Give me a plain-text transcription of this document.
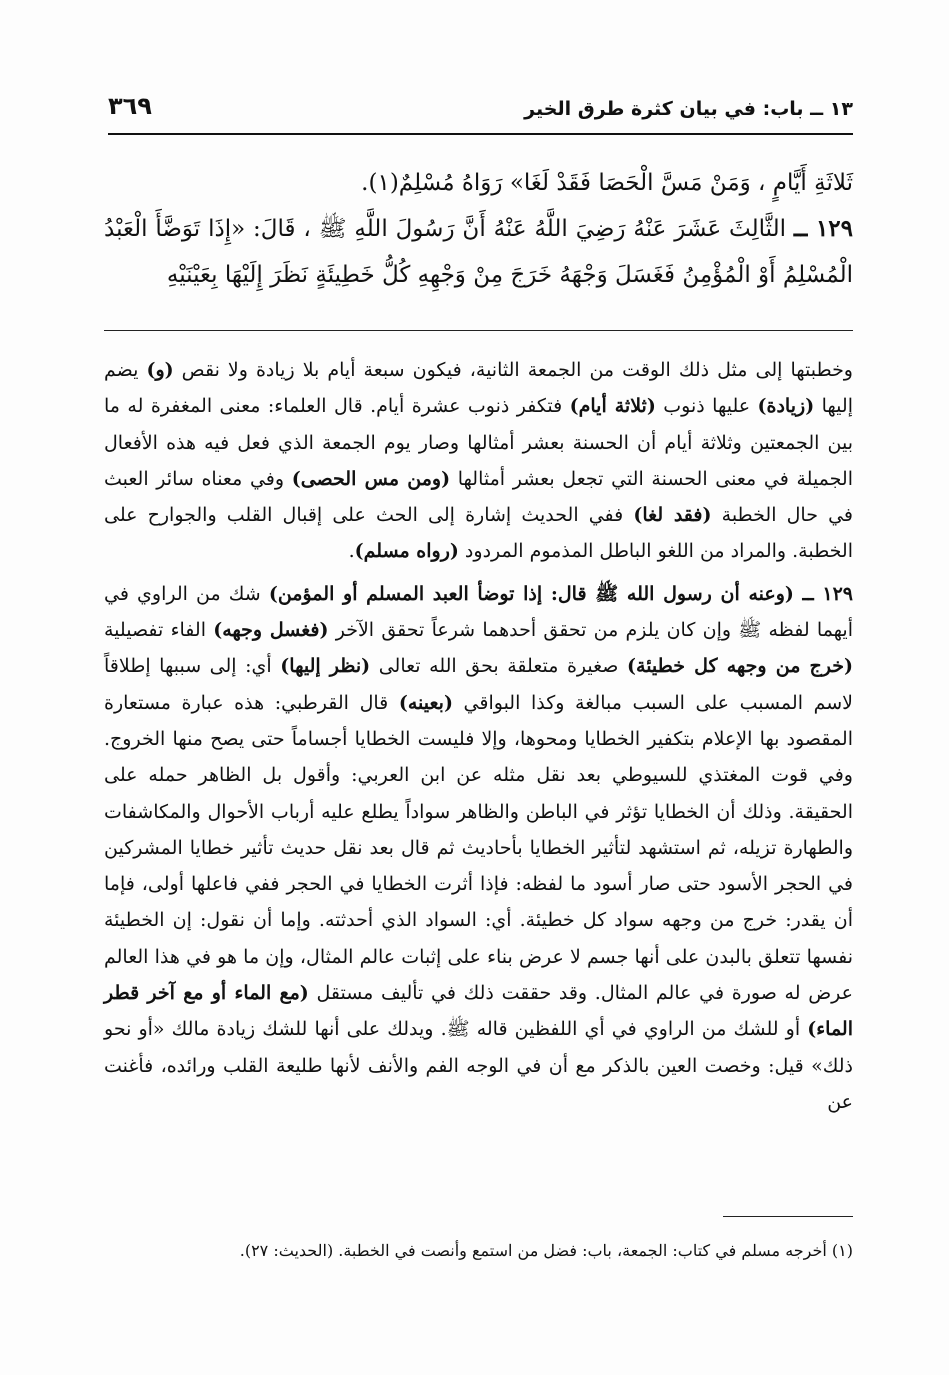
١٣ ــ باب: في بيان كثرة طرق الخير
٣٦٩

ثَلاثَةِ أَيَّامٍ ، وَمَنْ مَسَّ الْحَصَا فَقَدْ لَغَا» رَوَاهُ مُسْلِمٌ(١).

١٢٩ ــ الثَّالِثَ عَشَرَ عَنْهُ رَضِيَ اللَّهُ عَنْهُ أَنَّ رَسُولَ اللَّهِ ﷺ ، قَالَ: «إِذَا تَوَضَّأَ الْعَبْدُ الْمُسْلِمُ أَوْ الْمُؤْمِنُ فَغَسَلَ وَجْهَهُ خَرَجَ مِنْ وَجْهِهِ كُلُّ خَطِيئَةٍ نَظَرَ إِلَيْهَا بِعَيْنَيْهِ

وخطبتها إلى مثل ذلك الوقت من الجمعة الثانية، فيكون سبعة أيام بلا زيادة ولا نقص (و) يضم إليها (زيادة) عليها ذنوب (ثلاثة أيام) فتكفر ذنوب عشرة أيام. قال العلماء: معنى المغفرة له ما بين الجمعتين وثلاثة أيام أن الحسنة بعشر أمثالها وصار يوم الجمعة الذي فعل فيه هذه الأفعال الجميلة في معنى الحسنة التي تجعل بعشر أمثالها (ومن مس الحصى) وفي معناه سائر العبث في حال الخطبة (فقد لغا) ففي الحديث إشارة إلى الحث على إقبال القلب والجوارح على الخطبة. والمراد من اللغو الباطل المذموم المردود (رواه مسلم).

١٢٩ ــ (وعنه أن رسول الله ﷺ قال: إذا توضأ العبد المسلم أو المؤمن) شك من الراوي في أيهما لفظه ﷺ وإن كان يلزم من تحقق أحدهما شرعاً تحقق الآخر (فغسل وجهه) الفاء تفصيلية (خرج من وجهه كل خطيئة) صغيرة متعلقة بحق الله تعالى (نظر إليها) أي: إلى سببها إطلاقاً لاسم المسبب على السبب مبالغة وكذا البواقي (بعينه) قال القرطبي: هذه عبارة مستعارة المقصود بها الإعلام بتكفير الخطايا ومحوها، وإلا فليست الخطايا أجساماً حتى يصح منها الخروج. وفي قوت المغتذي للسيوطي بعد نقل مثله عن ابن العربي: وأقول بل الظاهر حمله على الحقيقة. وذلك أن الخطايا تؤثر في الباطن والظاهر سواداً يطلع عليه أرباب الأحوال والمكاشفات والطهارة تزيله، ثم استشهد لتأثير الخطايا بأحاديث ثم قال بعد نقل حديث تأثير خطايا المشركين في الحجر الأسود حتى صار أسود ما لفظه: فإذا أثرت الخطايا في الحجر ففي فاعلها أولى، فإما أن يقدر: خرج من وجهه سواد كل خطيئة. أي: السواد الذي أحدثته. وإما أن نقول: إن الخطيئة نفسها تتعلق بالبدن على أنها جسم لا عرض بناء على إثبات عالم المثال، وإن ما هو في هذا العالم عرض له صورة في عالم المثال. وقد حققت ذلك في تأليف مستقل (مع الماء أو مع آخر قطر الماء) أو للشك من الراوي في أي اللفظين قاله ﷺ. ويدلك على أنها للشك زيادة مالك «أو نحو ذلك» قيل: وخصت العين بالذكر مع أن في الوجه الفم والأنف لأنها طليعة القلب ورائده، فأغنت عن

(١) أخرجه مسلم في كتاب: الجمعة، باب: فضل من استمع وأنصت في الخطبة. (الحديث: ٢٧).
